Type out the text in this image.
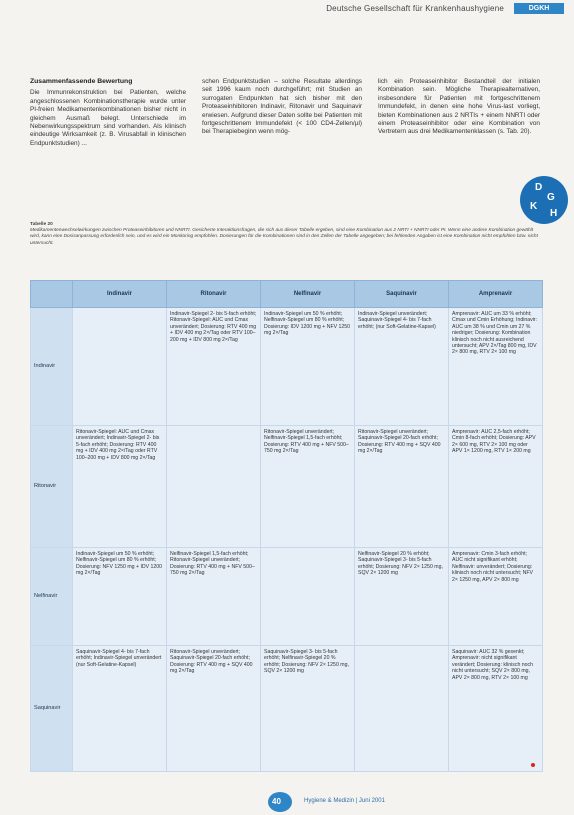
Deutsche Gesellschaft für Krankenhaushygiene	DGKH
Zusammenfassende Bewertung

Die Immunrekonstruktion bei Patienten, welche angeschlossenen Kombinationstherapie wurde unter PI-freien Medikamentenkombinationen bisher nicht in gleichem Ausmaß belegt. Unterschiede im Nebenwirkungsspektrum sind vorhanden. Als klinisch eindeutige Wirksamkeit (z. B. Virusabfall in klinischen Endpunktstudien) ...

schen Endpunktstudien – solche Resultate allerdings seit 1996 kaum noch durchgeführt; mit Studien an surrogaten Endpunkten hat sich bisher mit den Proteaseinhibitoren Indinavir, Ritonavir und Saquinavir erwiesen. Aufgrund dieser Daten sollte bei Patienten mit fortgeschrittenem Immundefekt (< 100 CD4-Zellen/µl) bei Therapiebeginn wenn mög-

lich ein Proteaseinhibitor Bestandteil der initialen Kombination sein. Mögliche Therapiealternativen, insbesondere für Patienten mit fortgeschrittenem Immundefekt, in denen eine hohe Virus-last vorliegt, bieten Kombinationen aus 2 NRTIs + einem NNRTI oder einem Proteaseinhibitor oder eine Kombination von Vertretern aus drei Medikamentenklassen (s. Tab. 20).

D
G
K
H
Tabelle 20
Medikamentenwechselwirkungen zwischen Proteaseinhibitoren und NNRTI. Gesicherte Interaktionsfragen, die sich aus dieser Tabelle ergeben, sind eine Kombination aus 2 NRTI + NNRTI oder PI. Wenn eine andere Kombination gewählt wird, kann eine Dosisanpassung erforderlich sein, und es wird ein Monitoring empfohlen. Dosierungen für die Kombinationen sind in den Zellen der Tabelle angegeben; bei fehlenden Angaben ist eine Kombination nicht empfohlen bzw. nicht untersucht.
	Indinavir	Ritonavir	Nelfinavir	Saquinavir	Amprenavir
Indinavir		Indinavir-Spiegel 2- bis 5-fach erhöht; Ritonavir-Spiegel: AUC und Cmax unverändert; Dosierung: RTV 400 mg + IDV 400 mg 2×/Tag oder RTV 100–200 mg + IDV 800 mg 2×/Tag	Indinavir-Spiegel um 50 % erhöht; Nelfinavir-Spiegel um 80 % erhöht; Dosierung: IDV 1200 mg + NFV 1250 mg 2×/Tag	Indinavir-Spiegel unverändert; Saquinavir-Spiegel 4- bis 7-fach erhöht; (nur Soft-Gelatine-Kapsel)	Amprenavir: AUC um 33 % erhöht; Cmax und Cmin Erhöhung; Indinavir: AUC um 38 % und Cmin um 27 % niedriger; Dosierung: Kombination klinisch noch nicht ausreichend untersucht; APV 2×/Tag 800 mg, IDV 2× 800 mg, RTV 2× 100 mg
Ritonavir	Ritonavir-Spiegel: AUC und Cmax unverändert; Indinavir-Spiegel 2- bis 5-fach erhöht; Dosierung: RTV 400 mg + IDV 400 mg 2×/Tag oder RTV 100–200 mg + IDV 800 mg 2×/Tag		Ritonavir-Spiegel unverändert; Nelfinavir-Spiegel 1,5-fach erhöht; Dosierung: RTV 400 mg + NFV 500–750 mg 2×/Tag	Ritonavir-Spiegel unverändert; Saquinavir-Spiegel 20-fach erhöht; Dosierung: RTV 400 mg + SQV 400 mg 2×/Tag	Amprenavir: AUC 2,5-fach erhöht; Cmin 8-fach erhöht; Dosierung: APV 2× 600 mg, RTV 2× 100 mg oder APV 1× 1200 mg, RTV 1× 200 mg
Nelfinavir	Indinavir-Spiegel um 50 % erhöht; Nelfinavir-Spiegel um 80 % erhöht; Dosierung: NFV 1250 mg + IDV 1200 mg 2×/Tag	Nelfinavir-Spiegel 1,5-fach erhöht; Ritonavir-Spiegel unverändert; Dosierung: RTV 400 mg + NFV 500–750 mg 2×/Tag		Nelfinavir-Spiegel 20 % erhöht; Saquinavir-Spiegel 3- bis 5-fach erhöht; Dosierung: NFV 2× 1250 mg, SQV 2× 1200 mg	Amprenavir: Cmin 3-fach erhöht; AUC nicht signifikant erhöht; Nelfinavir: unverändert; Dosierung: klinisch noch nicht untersucht; NFV 2× 1250 mg, APV 2× 800 mg
Saquinavir	Saquinavir-Spiegel 4- bis 7-fach erhöht; Indinavir-Spiegel unverändert (nur Soft-Gelatine-Kapsel)	Ritonavir-Spiegel unverändert; Saquinavir-Spiegel 20-fach erhöht; Dosierung: RTV 400 mg + SQV 400 mg 2×/Tag	Saquinavir-Spiegel 3- bis 5-fach erhöht; Nelfinavir-Spiegel 20 % erhöht; Dosierung: NFV 2× 1250 mg, SQV 2× 1200 mg		Saquinavir: AUC 32 % gesenkt; Amprenavir: nicht signifikant verändert; Dosierung: klinisch noch nicht untersucht; SQV 2× 800 mg, APV 2× 800 mg, RTV 2× 100 mg
40	Hygiene & Medizin | Juni 2001
